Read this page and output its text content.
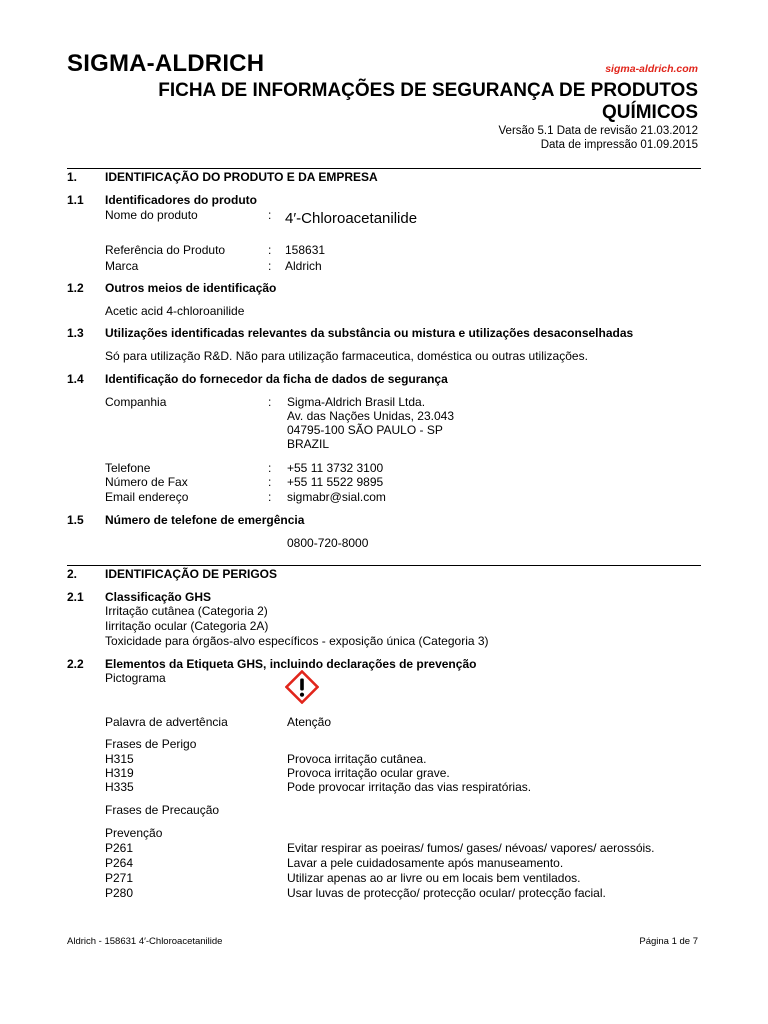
SIGMA-ALDRICH	sigma-aldrich.com
FICHA DE INFORMAÇÕES DE SEGURANÇA DE PRODUTOS QUÍMICOS
Versão 5.1 Data de revisão 21.03.2012
Data de impressão 01.09.2015
1. IDENTIFICAÇÃO DO PRODUTO E DA EMPRESA
1.1 Identificadores do produto
Nome do produto	: 4′-Chloroacetanilide
Referência do Produto	: 158631
Marca	: Aldrich
1.2 Outros meios de identificação
Acetic acid 4-chloroanilide
1.3 Utilizações identificadas relevantes da substância ou mistura e utilizações desaconselhadas
Só para utilização R&D. Não para utilização farmaceutica, doméstica ou outras utilizações.
1.4 Identificação do fornecedor da ficha de dados de segurança
Companhia	: Sigma-Aldrich Brasil Ltda.
Av. das Nações Unidas, 23.043
04795-100 SÃO PAULO - SP
BRAZIL
Telefone	: +55 11 3732 3100
Número de Fax	: +55 11 5522 9895
Email endereço	: sigmabr@sial.com
1.5 Número de telefone de emergência
0800-720-8000
2. IDENTIFICAÇÃO DE PERIGOS
2.1 Classificação GHS
Irritação cutânea (Categoria 2)
Iirritação ocular (Categoria 2A)
Toxicidade para órgãos-alvo específicos - exposição única (Categoria 3)
2.2 Elementos da Etiqueta GHS, incluindo declarações de prevenção
Pictograma
Palavra de advertência	Atenção
Frases de Perigo
H315	Provoca irritação cutânea.
H319	Provoca irritação ocular grave.
H335	Pode provocar irritação das vias respiratórias.
Frases de Precaução
Prevenção
P261	Evitar respirar as poeiras/ fumos/ gases/ névoas/ vapores/ aerossóis.
P264	Lavar a pele cuidadosamente após manuseamento.
P271	Utilizar apenas ao ar livre ou em locais bem ventilados.
P280	Usar luvas de protecção/ protecção ocular/ protecção facial.
Aldrich - 158631 4′-Chloroacetanilide	Página 1 de 7
